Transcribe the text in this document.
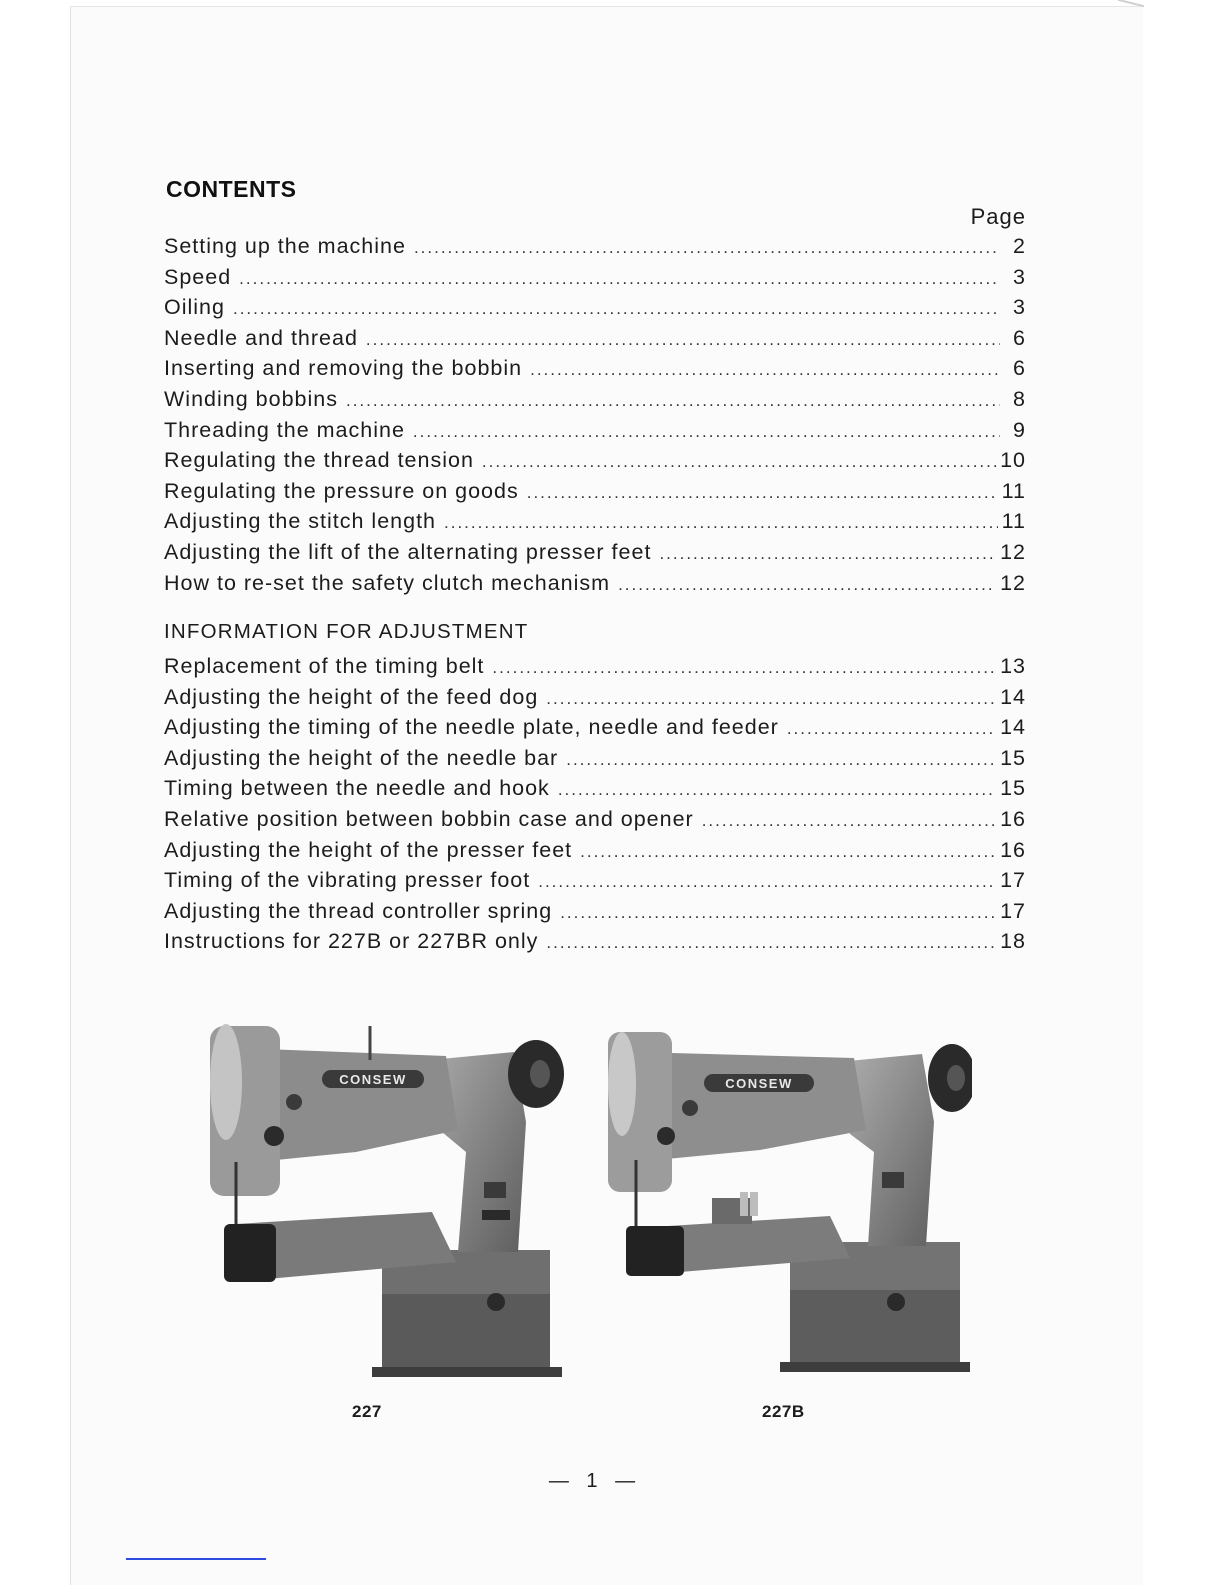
CONTENTS
Page
Setting up the machine .....	2
Speed .....	3
Oiling .....	3
Needle and thread .....	6
Inserting and removing the bobbin .....	6
Winding bobbins .....	8
Threading the machine .....	9
Regulating the thread tension .....	10
Regulating the pressure on goods .....	11
Adjusting the stitch length .....	11
Adjusting the lift of the alternating presser feet .....	12
How to re-set the safety clutch mechanism .....	12
INFORMATION FOR ADJUSTMENT
Replacement of the timing belt .....	13
Adjusting the height of the feed dog .....	14
Adjusting the timing of the needle plate, needle and feeder .....	14
Adjusting the height of the needle bar .....	15
Timing between the needle and hook .....	15
Relative position between bobbin case and opener .....	16
Adjusting the height of the presser feet .....	16
Timing of the vibrating presser foot .....	17
Adjusting the thread controller spring .....	17
Instructions for 227B or 227BR only .....	18
CONSEW	CONSEW
227	227B
— 1 —
